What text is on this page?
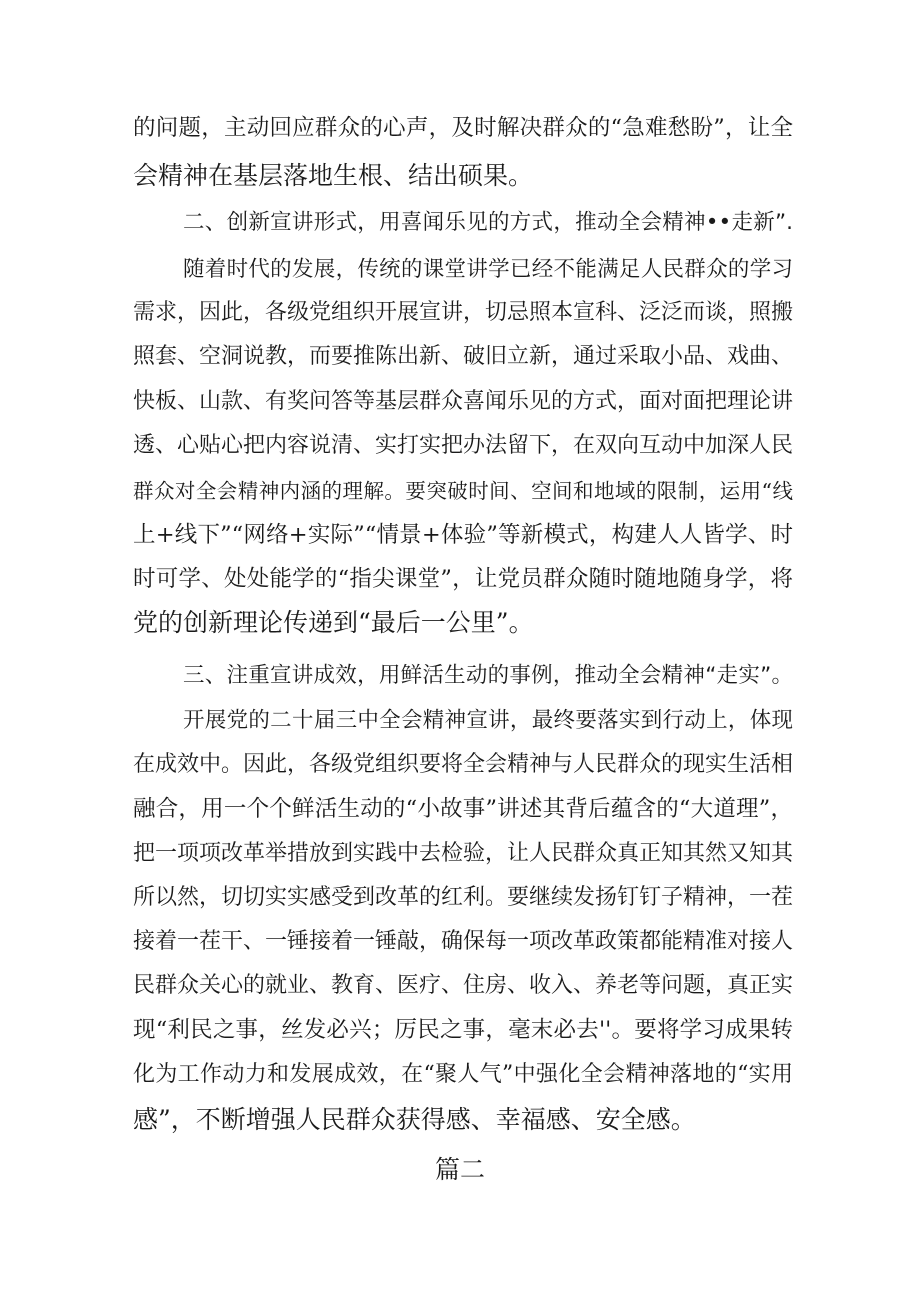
的问题，主动回应群众的心声，及时解决群众的“急难愁盼”，让全

会精神在基层落地生根、结出硕果。

二、创新宣讲形式，用喜闻乐见的方式，推动全会精神••走新”.

随着时代的发展，传统的课堂讲学已经不能满足人民群众的学习

需求，因此，各级党组织开展宣讲，切忌照本宣科、泛泛而谈，照搬

照套、空洞说教，而要推陈出新、破旧立新，通过采取小品、戏曲、

快板、山款、有奖问答等基层群众喜闻乐见的方式，面对面把理论讲

透、心贴心把内容说清、实打实把办法留下，在双向互动中加深人民

群众对全会精神内涵的理解。要突破时间、空间和地域的限制，运用“线

上+线下”“网络+实际”“情景+体验”等新模式，构建人人皆学、时

时可学、处处能学的“指尖课堂”，让党员群众随时随地随身学，将

党的创新理论传递到“最后一公里”。

三、注重宣讲成效，用鲜活生动的事例，推动全会精神“走实”。

开展党的二十届三中全会精神宣讲，最终要落实到行动上，体现

在成效中。因此，各级党组织要将全会精神与人民群众的现实生活相

融合，用一个个鲜活生动的“小故事”讲述其背后蕴含的“大道理”，

把一项项改革举措放到实践中去检验，让人民群众真正知其然又知其

所以然，切切实实感受到改革的红利。要继续发扬钉钉子精神，一茬

接着一茬干、一锤接着一锤敲，确保每一项改革政策都能精准对接人

民群众关心的就业、教育、医疗、住房、收入、养老等问题，真正实

现“利民之事，丝发必兴；厉民之事，毫末必去''。要将学习成果转

化为工作动力和发展成效，在“聚人气”中强化全会精神落地的“实用

感”，不断增强人民群众获得感、幸福感、安全感。

篇二
